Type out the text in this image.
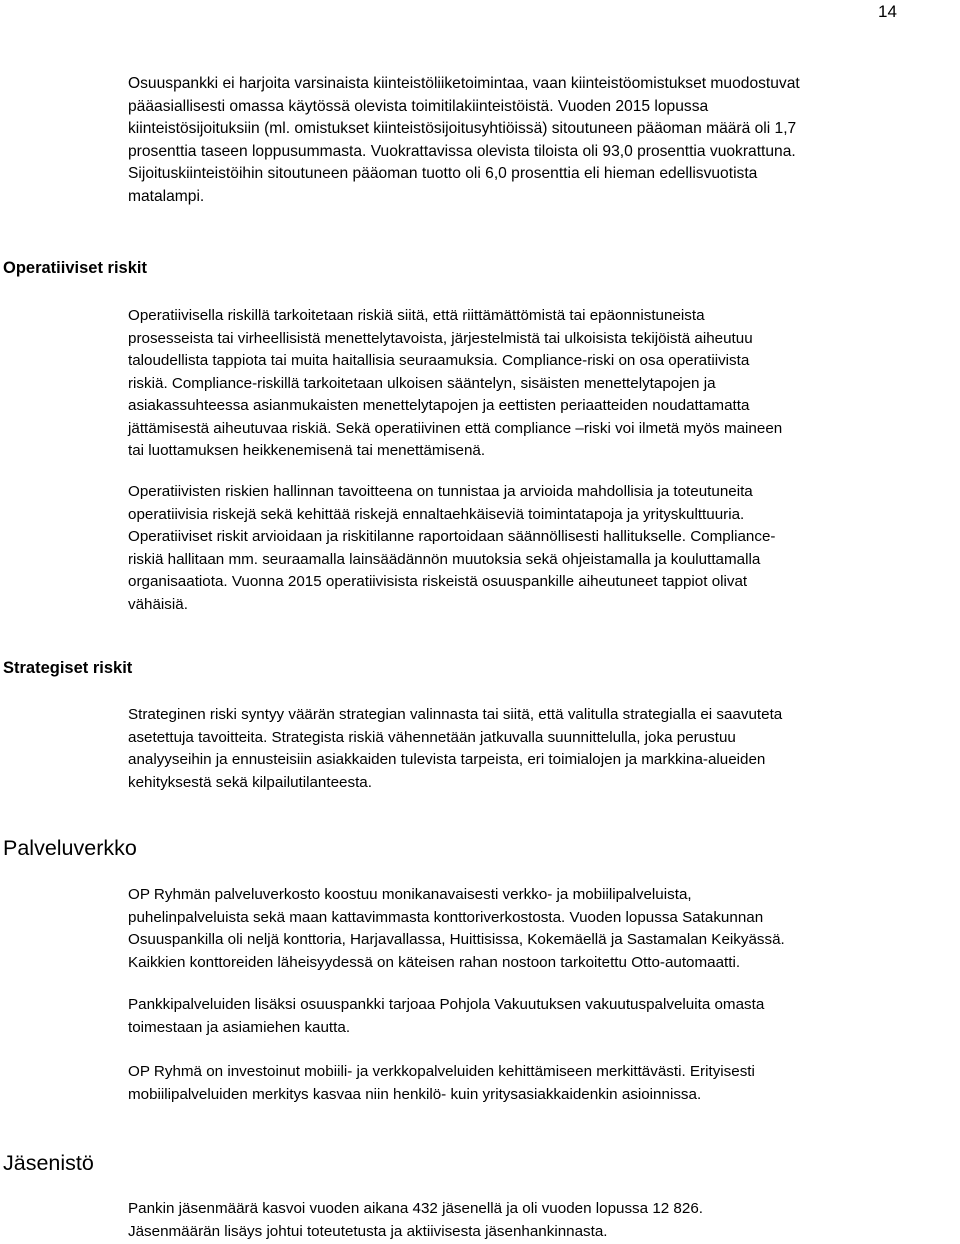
14

Osuuspankki ei harjoita varsinaista kiinteistöliiketoimintaa, vaan kiinteistöomistukset muodostuvat
pääasiallisesti omassa käytössä olevista toimitilakiinteistöistä. Vuoden 2015 lopussa
kiinteistösijoituksiin (ml. omistukset kiinteistösijoitusyhtiöissä) sitoutuneen pääoman määrä oli 1,7
prosenttia taseen loppusummasta. Vuokrattavissa olevista tiloista oli 93,0 prosenttia vuokrattuna.
Sijoituskiinteistöihin sitoutuneen pääoman tuotto oli 6,0 prosenttia eli hieman edellisvuotista
matalampi.

Operatiiviset riskit

Operatiivisella riskillä tarkoitetaan riskiä siitä, että riittämättömistä tai epäonnistuneista
prosesseista tai virheellisistä menettelytavoista, järjestelmistä tai ulkoisista tekijöistä aiheutuu
taloudellista tappiota tai muita haitallisia seuraamuksia. Compliance-riski on osa operatiivista
riskiä. Compliance-riskillä tarkoitetaan ulkoisen sääntelyn, sisäisten menettelytapojen ja
asiakassuhteessa asianmukaisten menettelytapojen ja eettisten periaatteiden noudattamatta
jättämisestä aiheutuvaa riskiä. Sekä operatiivinen että compliance –riski voi ilmetä myös maineen
tai luottamuksen heikkenemisenä tai menettämisenä.

Operatiivisten riskien hallinnan tavoitteena on tunnistaa ja arvioida mahdollisia ja toteutuneita
operatiivisia riskejä sekä kehittää riskejä ennaltaehkäiseviä toimintatapoja ja yrityskulttuuria.
Operatiiviset riskit arvioidaan ja riskitilanne raportoidaan säännöllisesti hallitukselle. Compliance-
riskiä hallitaan mm. seuraamalla lainsäädännön muutoksia sekä ohjeistamalla ja kouluttamalla
organisaatiota. Vuonna 2015 operatiivisista riskeistä osuuspankille aiheutuneet tappiot olivat
vähäisiä.

Strategiset riskit

Strateginen riski syntyy väärän strategian valinnasta tai siitä, että valitulla strategialla ei saavuteta
asetettuja tavoitteita. Strategista riskiä vähennetään jatkuvalla suunnittelulla, joka perustuu
analyyseihin ja ennusteisiin asiakkaiden tulevista tarpeista, eri toimialojen ja markkina-alueiden
kehityksestä sekä kilpailutilanteesta.

Palveluverkko

OP Ryhmän palveluverkosto koostuu monikanavaisesti verkko- ja mobiilipalveluista,
puhelinpalveluista sekä maan kattavimmasta konttoriverkostosta. Vuoden lopussa Satakunnan
Osuuspankilla oli neljä konttoria, Harjavallassa, Huittisissa, Kokemäellä ja Sastamalan Keikyässä.
Kaikkien konttoreiden läheisyydessä on käteisen rahan nostoon tarkoitettu Otto-automaatti.

Pankkipalveluiden lisäksi osuuspankki tarjoaa Pohjola Vakuutuksen vakuutuspalveluita omasta
toimestaan ja asiamiehen kautta.

OP Ryhmä on investoinut mobiili- ja verkkopalveluiden kehittämiseen merkittävästi. Erityisesti
mobiilipalveluiden merkitys kasvaa niin henkilö- kuin yritysasiakkaidenkin asioinnissa.

Jäsenistö

Pankin jäsenmäärä kasvoi vuoden aikana 432 jäsenellä ja oli vuoden lopussa 12 826.
Jäsenmäärän lisäys johtui toteutetusta ja aktiivisesta jäsenhankinnasta.
